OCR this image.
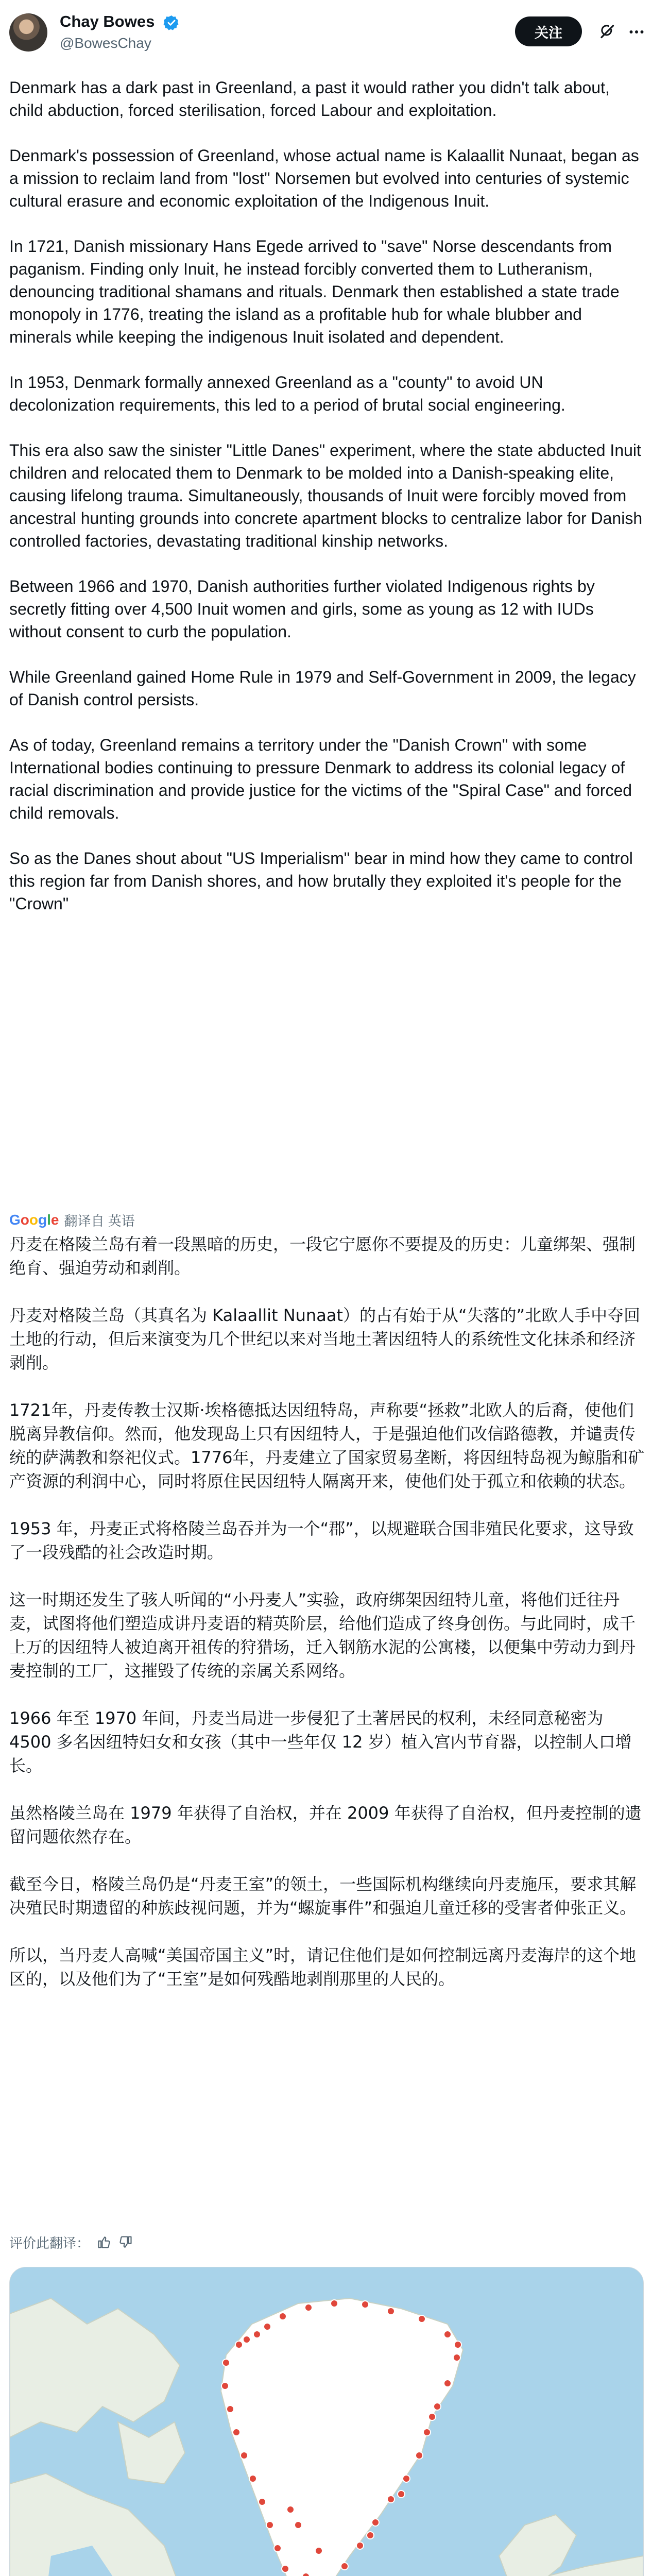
Chay Bowes
@BowesChay
关注

Denmark has a dark past in Greenland, a past it would rather you didn't talk about, child abduction, forced sterilisation, forced Labour and exploitation.

Denmark's possession of Greenland, whose actual name is Kalaallit Nunaat, began as a mission to reclaim land from "lost" Norsemen but evolved into centuries of systemic cultural erasure and economic exploitation of the Indigenous Inuit.

In 1721, Danish missionary Hans Egede arrived to "save" Norse descendants from paganism. Finding only Inuit, he instead forcibly converted them to Lutheranism, denouncing traditional shamans and rituals. Denmark then established a state trade monopoly in 1776, treating the island as a profitable hub for whale blubber and minerals while keeping the indigenous Inuit isolated and dependent.

In 1953, Denmark formally annexed Greenland as a "county" to avoid UN decolonization requirements, this led to a period of brutal social engineering.

This era also saw the sinister "Little Danes" experiment, where the state abducted Inuit children and relocated them to Denmark to be molded into a Danish-speaking elite, causing lifelong trauma. Simultaneously, thousands of Inuit were forcibly moved from ancestral hunting grounds into concrete apartment blocks to centralize labor for Danish controlled factories, devastating traditional kinship networks.

Between 1966 and 1970, Danish authorities further violated Indigenous rights by secretly fitting over 4,500 Inuit women and girls, some as young as 12 with IUDs without consent to curb the population.

While Greenland gained Home Rule in 1979 and Self-Government in 2009, the legacy of Danish control persists.

As of today, Greenland remains a territory under the "Danish Crown" with some International bodies continuing to pressure Denmark to address its colonial legacy of racial discrimination and provide justice for the victims of the "Spiral Case" and forced child removals.

So as the Danes shout about "US Imperialism" bear in mind how they came to control this region far from Danish shores, and how brutally they exploited it's people for the "Crown"

Google 翻译自 英语

丹麦在格陵兰岛有着一段黑暗的历史，一段它宁愿你不要提及的历史：儿童绑架、强制绝育、强迫劳动和剥削。

丹麦对格陵兰岛（其真名为 Kalaallit Nunaat）的占有始于从“失落的”北欧人手中夺回土地的行动，但后来演变为几个世纪以来对当地土著因纽特人的系统性文化抹杀和经济剥削。

1721年，丹麦传教士汉斯·埃格德抵达因纽特岛，声称要“拯救”北欧人的后裔，使他们脱离异教信仰。然而，他发现岛上只有因纽特人，于是强迫他们改信路德教，并谴责传统的萨满教和祭祀仪式。1776年，丹麦建立了国家贸易垄断，将因纽特岛视为鲸脂和矿产资源的利润中心，同时将原住民因纽特人隔离开来，使他们处于孤立和依赖的状态。

1953 年，丹麦正式将格陵兰岛吞并为一个“郡”，以规避联合国非殖民化要求，这导致了一段残酷的社会改造时期。

这一时期还发生了骇人听闻的“小丹麦人”实验，政府绑架因纽特儿童，将他们迁往丹麦，试图将他们塑造成讲丹麦语的精英阶层，给他们造成了终身创伤。与此同时，成千上万的因纽特人被迫离开祖传的狩猎场，迁入钢筋水泥的公寓楼，以便集中劳动力到丹麦控制的工厂，这摧毁了传统的亲属关系网络。

1966 年至 1970 年间，丹麦当局进一步侵犯了土著居民的权利，未经同意秘密为 4500 多名因纽特妇女和女孩（其中一些年仅 12 岁）植入宫内节育器，以控制人口增长。

虽然格陵兰岛在 1979 年获得了自治权，并在 2009 年获得了自治权，但丹麦控制的遗留问题依然存在。

截至今日，格陵兰岛仍是“丹麦王室”的领土，一些国际机构继续向丹麦施压，要求其解决殖民时期遗留的种族歧视问题，并为“螺旋事件”和强迫儿童迁移的受害者伸张正义。

所以，当丹麦人高喊“美国帝国主义”时，请记住他们是如何控制远离丹麦海岸的这个地区的，以及他们为了“王室”是如何残酷地剥削那里的人民的。

评价此翻译：
